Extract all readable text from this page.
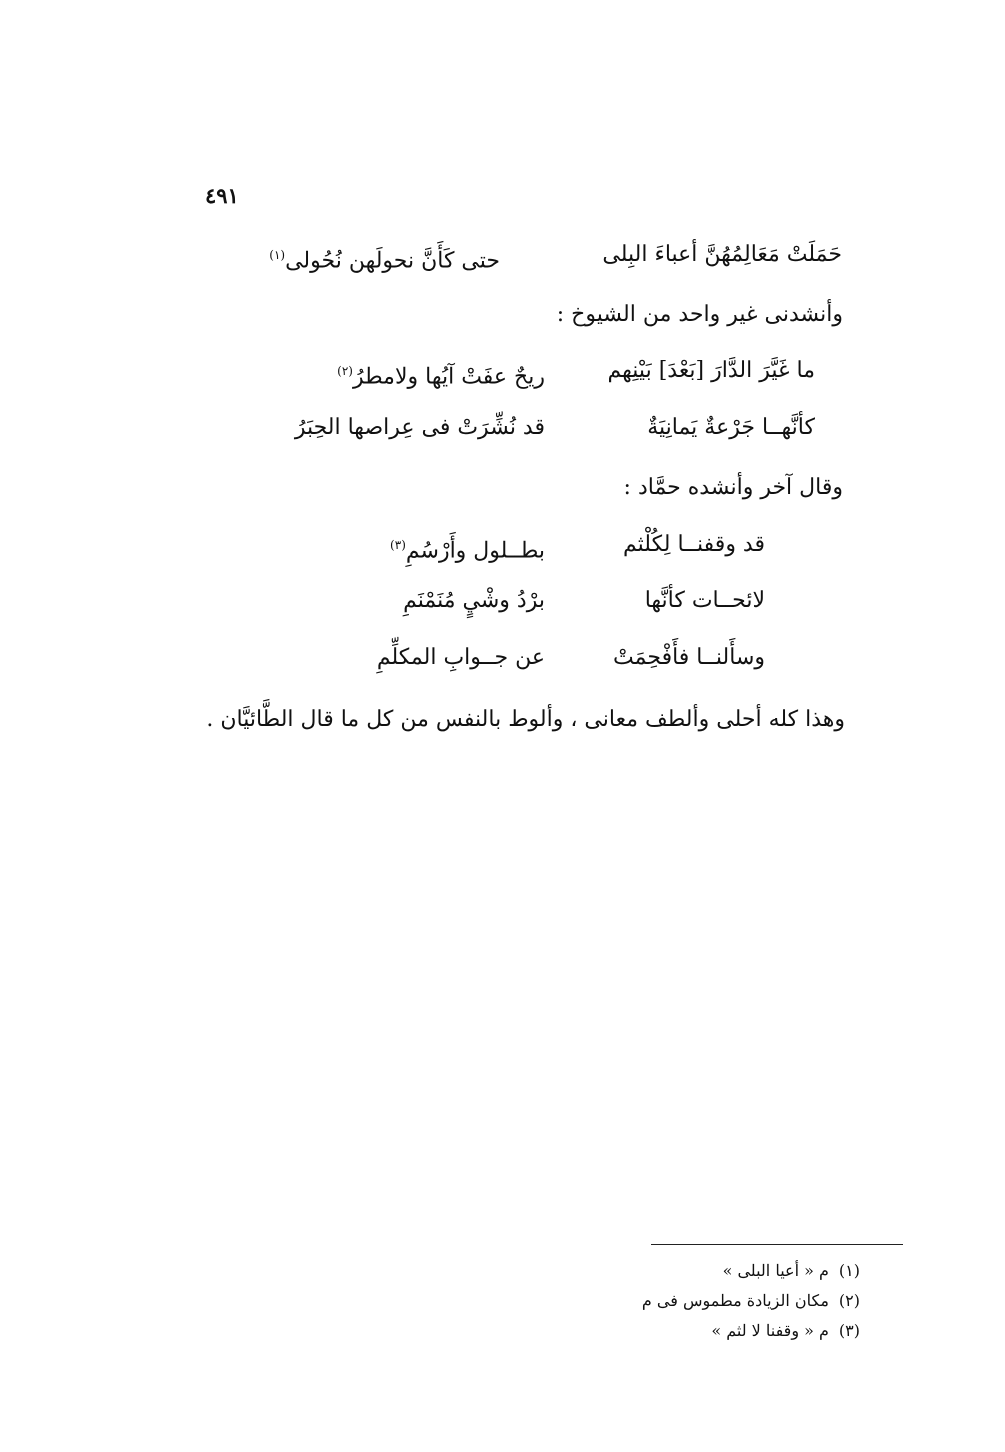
٤٩١
حَمَلَتْ مَعَالِمُهُنَّ أعباءَ البِلى
حتى كَأَنَّ نحولَهن نُحُولى$^{(١)}$
وأنشدنى غير واحد من الشيوخ :
ما غَيَّرَ الدَّارَ [بَعْدَ] بَيْنِهم
ريحٌ عفَتْ آيُها ولامطرُ$^{(٢)}$
كأنَّهــا جَرْعةٌ يَمانِيَةٌ
قد نُشِّرَتْ فى عِراصها الحِبَرُ
وقال آخر وأنشده حمَّاد :
قد وقفنــا لِكُلْثم
بطــلول وأَرْسُمِ$^{(٣)}$
لائحــات كأنَّها
برْدُ وشْيٍ مُنَمْنَمِ
وسأَلنــا فأَفْحِمَتْ
عن جــوابِ المكلِّمِ
وهذا كله أحلى وألطف معانى ، وألوط بالنفس من كل ما قال الطَّائيَّان .
(١)م « أعيا البلى »
(٢)مكان الزيادة مطموس فى م
(٣)م « وقفنا لا لثم »
